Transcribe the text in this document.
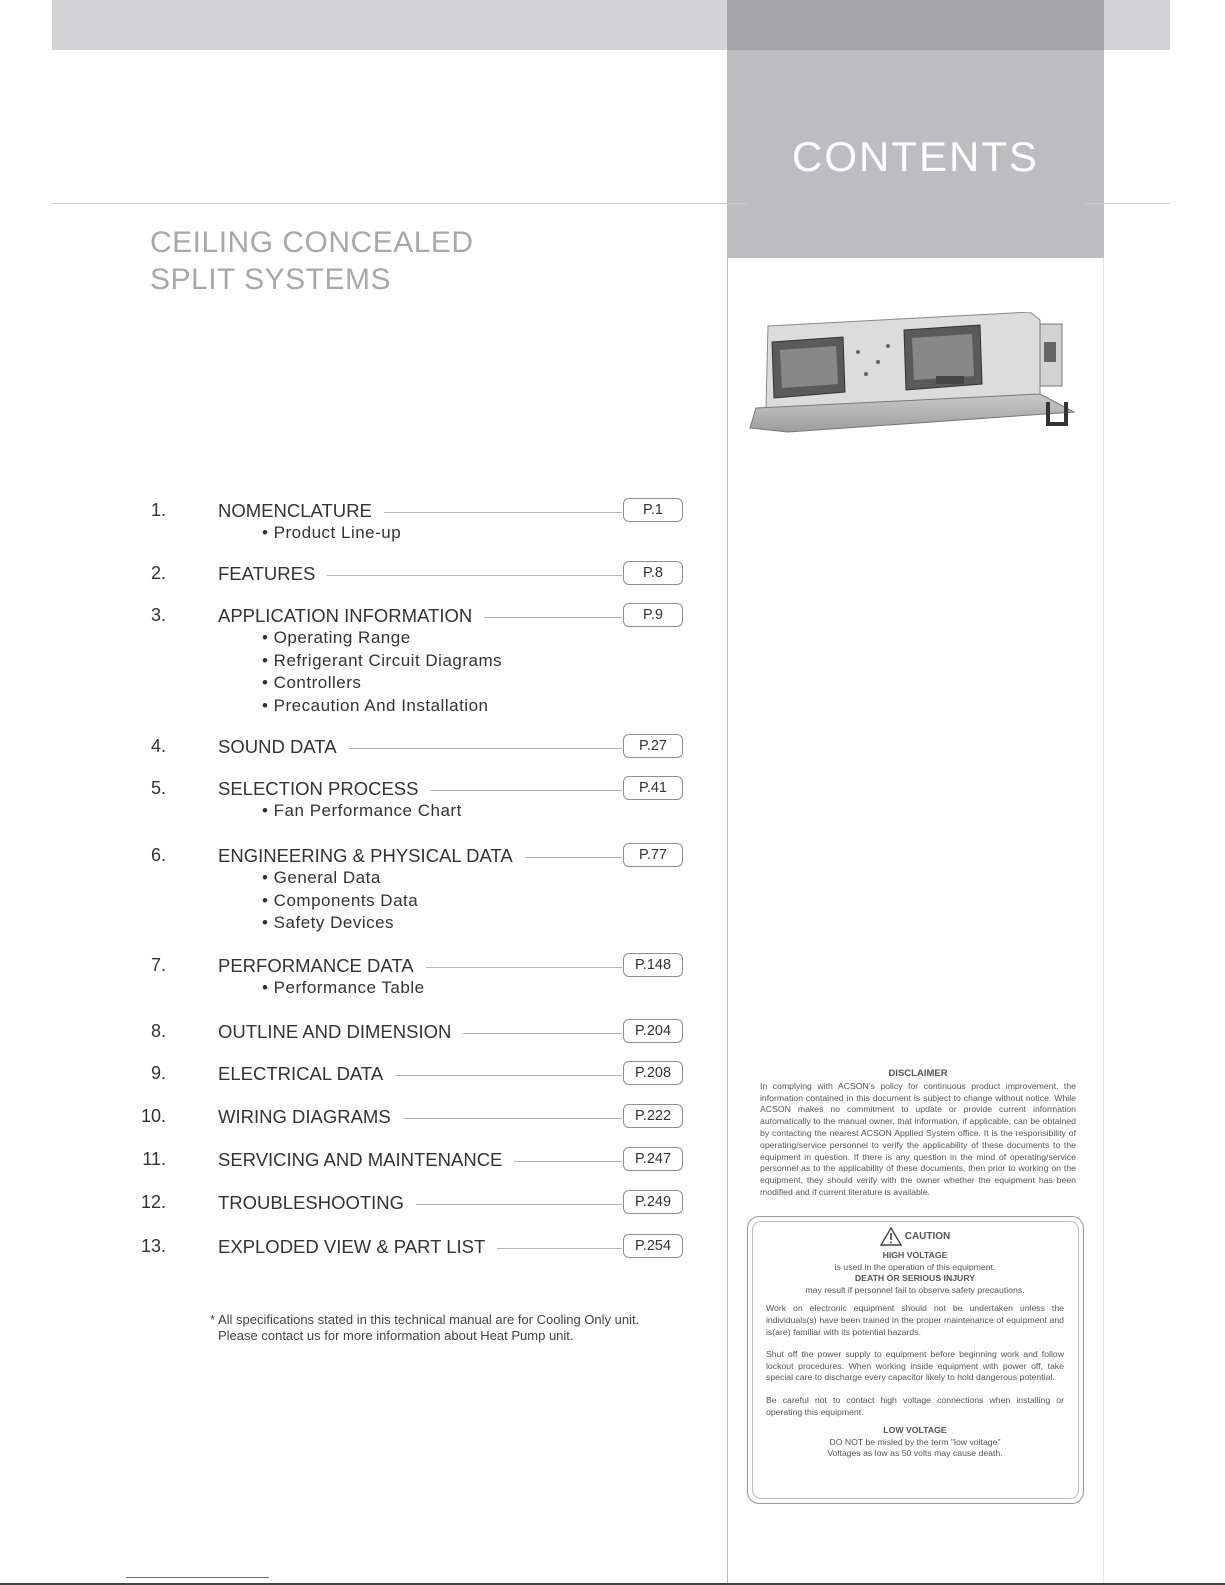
CONTENTS
CEILING CONCEALED
SPLIT SYSTEMS
1.	NOMENCLATURE	P.1
• Product Line-up
2.	FEATURES	P.8
3.	APPLICATION INFORMATION	P.9
• Operating Range
• Refrigerant Circuit Diagrams
• Controllers
• Precaution And Installation
4.	SOUND DATA	P.27
5.	SELECTION PROCESS	P.41
• Fan Performance Chart
6.	ENGINEERING & PHYSICAL DATA	P.77
• General Data
• Components Data
• Safety Devices
7.	PERFORMANCE DATA	P.148
• Performance Table
8.	OUTLINE AND DIMENSION	P.204
9.	ELECTRICAL DATA	P.208
10.	WIRING DIAGRAMS	P.222
11.	SERVICING AND MAINTENANCE	P.247
12.	TROUBLESHOOTING	P.249
13.	EXPLODED VIEW & PART LIST	P.254
* All specifications stated in this technical manual are for Cooling Only unit.
Please contact us for more information about Heat Pump unit.
DISCLAIMER
In complying with ACSON's policy for continuous product improvement, the information contained in this document is subject to change without notice. While ACSON makes no commitment to update or provide current information automatically to the manual owner, that information, if applicable, can be obtained by contacting the nearest ACSON Applied System office. It is the responsibility of operating/service personnel to verify the applicability of these documents to the equipment in question. If there is any question in the mind of operating/service personnel as to the applicability of these documents, then prior to working on the equipment, they should verify with the owner whether the equipment has been modified and if current literature is available.
CAUTION
HIGH VOLTAGE
is used in the operation of this equipment.
DEATH OR SERIOUS INJURY
may result if personnel fail to observe safety precautions.
Work on electronic equipment should not be undertaken unless the individuals(s) have been trained in the proper maintenance of equipment and is(are) familiar with its potential hazards.
Shut off the power supply to equipment before beginning work and follow lockout procedures. When working inside equipment with power off, take special care to discharge every capacitor likely to hold dangerous potential.
Be careful not to contact high voltage connections when installing or operating this equipment.
LOW VOLTAGE
DO NOT be misled by the term "low voltage"
Voltages as low as 50 volts may cause death.
